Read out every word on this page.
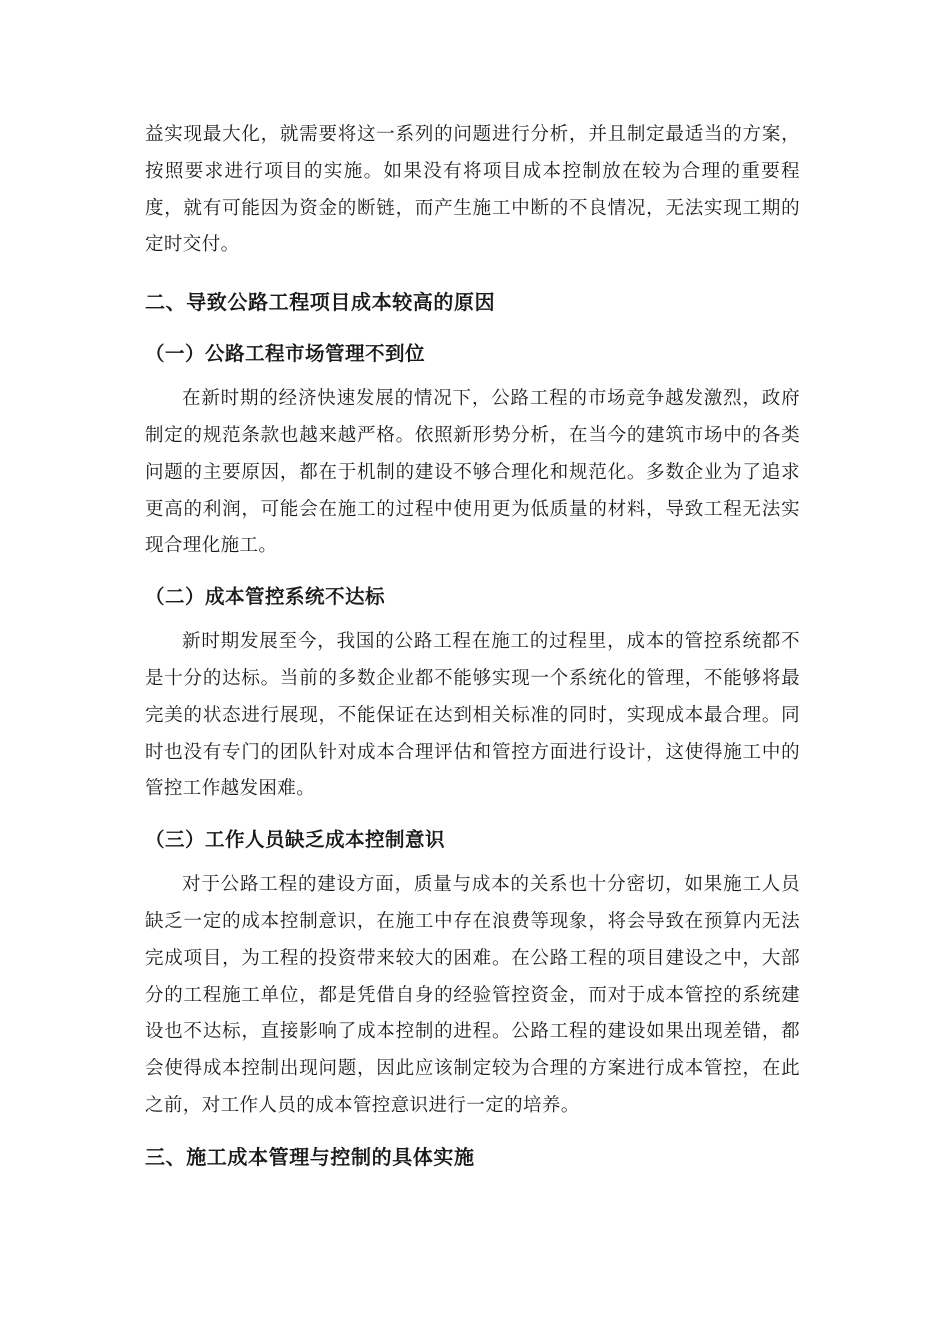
益实现最大化，就需要将这一系列的问题进行分析，并且制定最适当的方案，按照要求进行项目的实施。如果没有将项目成本控制放在较为合理的重要程度，就有可能因为资金的断链，而产生施工中断的不良情况，无法实现工期的定时交付。

二、导致公路工程项目成本较高的原因
（一）公路工程市场管理不到位

在新时期的经济快速发展的情况下，公路工程的市场竞争越发激烈，政府制定的规范条款也越来越严格。依照新形势分析，在当今的建筑市场中的各类问题的主要原因，都在于机制的建设不够合理化和规范化。多数企业为了追求更高的利润，可能会在施工的过程中使用更为低质量的材料，导致工程无法实现合理化施工。

（二）成本管控系统不达标

新时期发展至今，我国的公路工程在施工的过程里，成本的管控系统都不是十分的达标。当前的多数企业都不能够实现一个系统化的管理，不能够将最完美的状态进行展现，不能保证在达到相关标准的同时，实现成本最合理。同时也没有专门的团队针对成本合理评估和管控方面进行设计，这使得施工中的管控工作越发困难。

（三）工作人员缺乏成本控制意识

对于公路工程的建设方面，质量与成本的关系也十分密切，如果施工人员缺乏一定的成本控制意识，在施工中存在浪费等现象，将会导致在预算内无法完成项目，为工程的投资带来较大的困难。在公路工程的项目建设之中，大部分的工程施工单位，都是凭借自身的经验管控资金，而对于成本管控的系统建设也不达标，直接影响了成本控制的进程。公路工程的建设如果出现差错，都会使得成本控制出现问题，因此应该制定较为合理的方案进行成本管控，在此之前，对工作人员的成本管控意识进行一定的培养。

三、施工成本管理与控制的具体实施
